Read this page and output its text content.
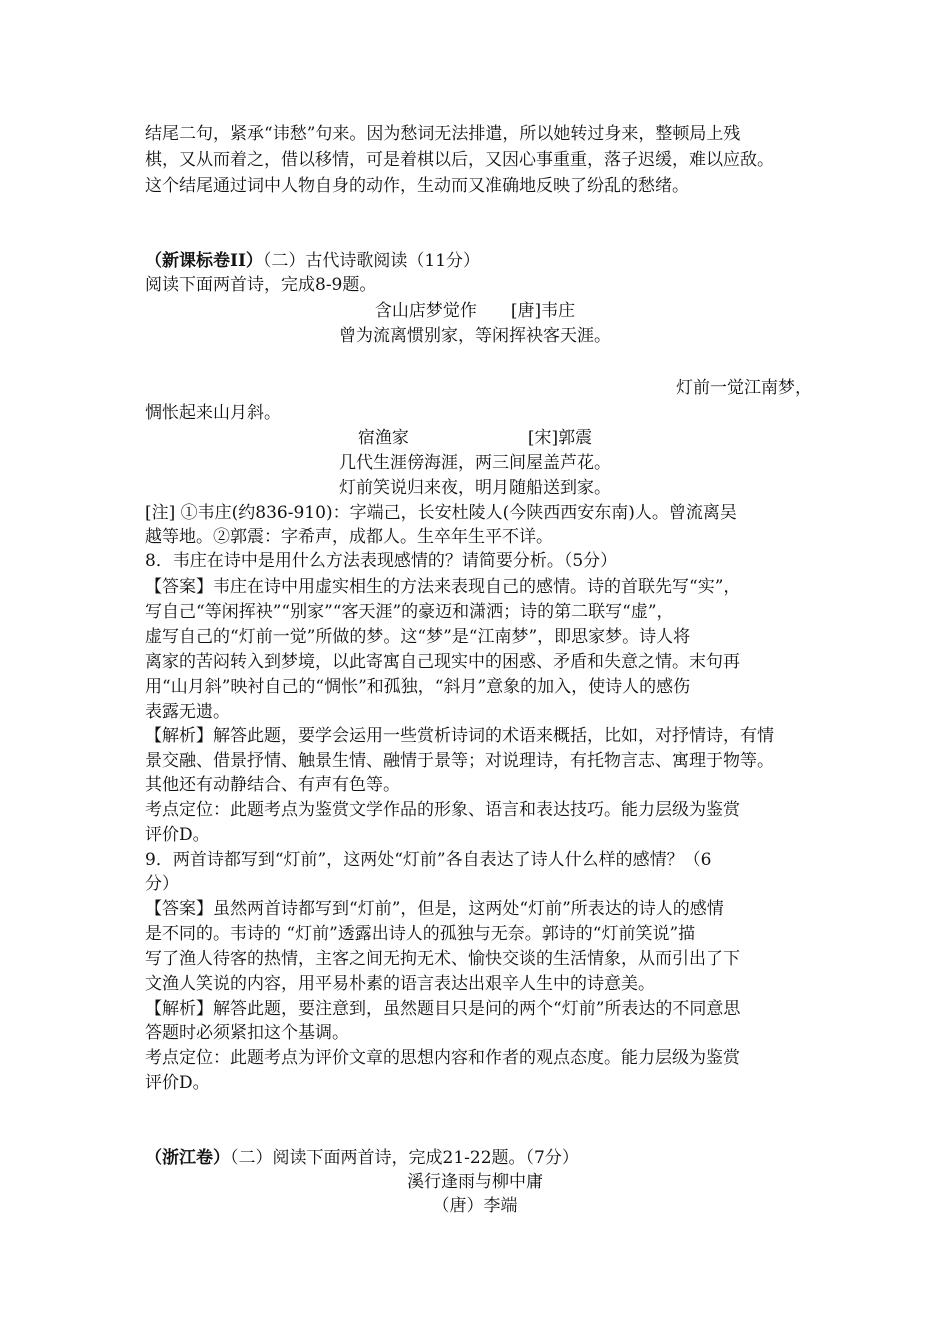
结尾二句，紧承“讳愁”句来。因为愁词无法排遣，所以她转过身来，整顿局上残
棋，又从而着之，借以移情，可是着棋以后，又因心事重重，落子迟缓，难以应敌。
这个结尾通过词中人物自身的动作，生动而又准确地反映了纷乱的愁绪。
（新课标卷II）（二）古代诗歌阅读（11分）
阅读下面两首诗，完成8-9题。
含山店梦觉作　　[唐]韦庄
曾为流离惯别家，等闲挥袂客天涯。
灯前一觉江南梦，
惆怅起来山月斜。
宿渔家　　　　　　　[宋]郭震
几代生涯傍海涯，两三间屋盖芦花。
灯前笑说归来夜，明月随船送到家。
[注] ①韦庄(约836-910)：字端己，长安杜陵人(今陕西西安东南)人。曾流离吴
越等地。②郭震：字希声，成都人。生卒年生平不详。
8．韦庄在诗中是用什么方法表现感情的？请简要分析。（5分）
【答案】韦庄在诗中用虚实相生的方法来表现自己的感情。诗的首联先写“实”，
写自己“等闲挥袂”“别家”“客天涯”的豪迈和潇洒；诗的第二联写“虚”，
虚写自己的“灯前一觉”所做的梦。这“梦”是“江南梦”，即思家梦。诗人将
离家的苦闷转入到梦境，以此寄寓自己现实中的困惑、矛盾和失意之情。末句再
用“山月斜”映衬自己的“惆怅”和孤独，“斜月”意象的加入，使诗人的感伤
表露无遗。
【解析】解答此题，要学会运用一些赏析诗词的术语来概括，比如，对抒情诗，有情
景交融、借景抒情、触景生情、融情于景等；对说理诗，有托物言志、寓理于物等。
其他还有动静结合、有声有色等。
考点定位：此题考点为鉴赏文学作品的形象、语言和表达技巧。能力层级为鉴赏
评价D。
9．两首诗都写到“灯前”，这两处“灯前”各自表达了诗人什么样的感情？（6
分）
【答案】虽然两首诗都写到“灯前”，但是，这两处“灯前”所表达的诗人的感情
是不同的。韦诗的 “灯前”透露出诗人的孤独与无奈。郭诗的“灯前笑说”描
写了渔人待客的热情，主客之间无拘无术、愉快交谈的生活情象，从而引出了下
文渔人笑说的内容，用平易朴素的语言表达出艰辛人生中的诗意美。
【解析】解答此题，要注意到，虽然题目只是问的两个“灯前”所表达的不同意思
答题时必须紧扣这个基调。
考点定位：此题考点为评价文章的思想内容和作者的观点态度。能力层级为鉴赏
评价D。
（浙江卷）（二）阅读下面两首诗，完成21-22题。（7分）
溪行逢雨与柳中庸
（唐）李端
